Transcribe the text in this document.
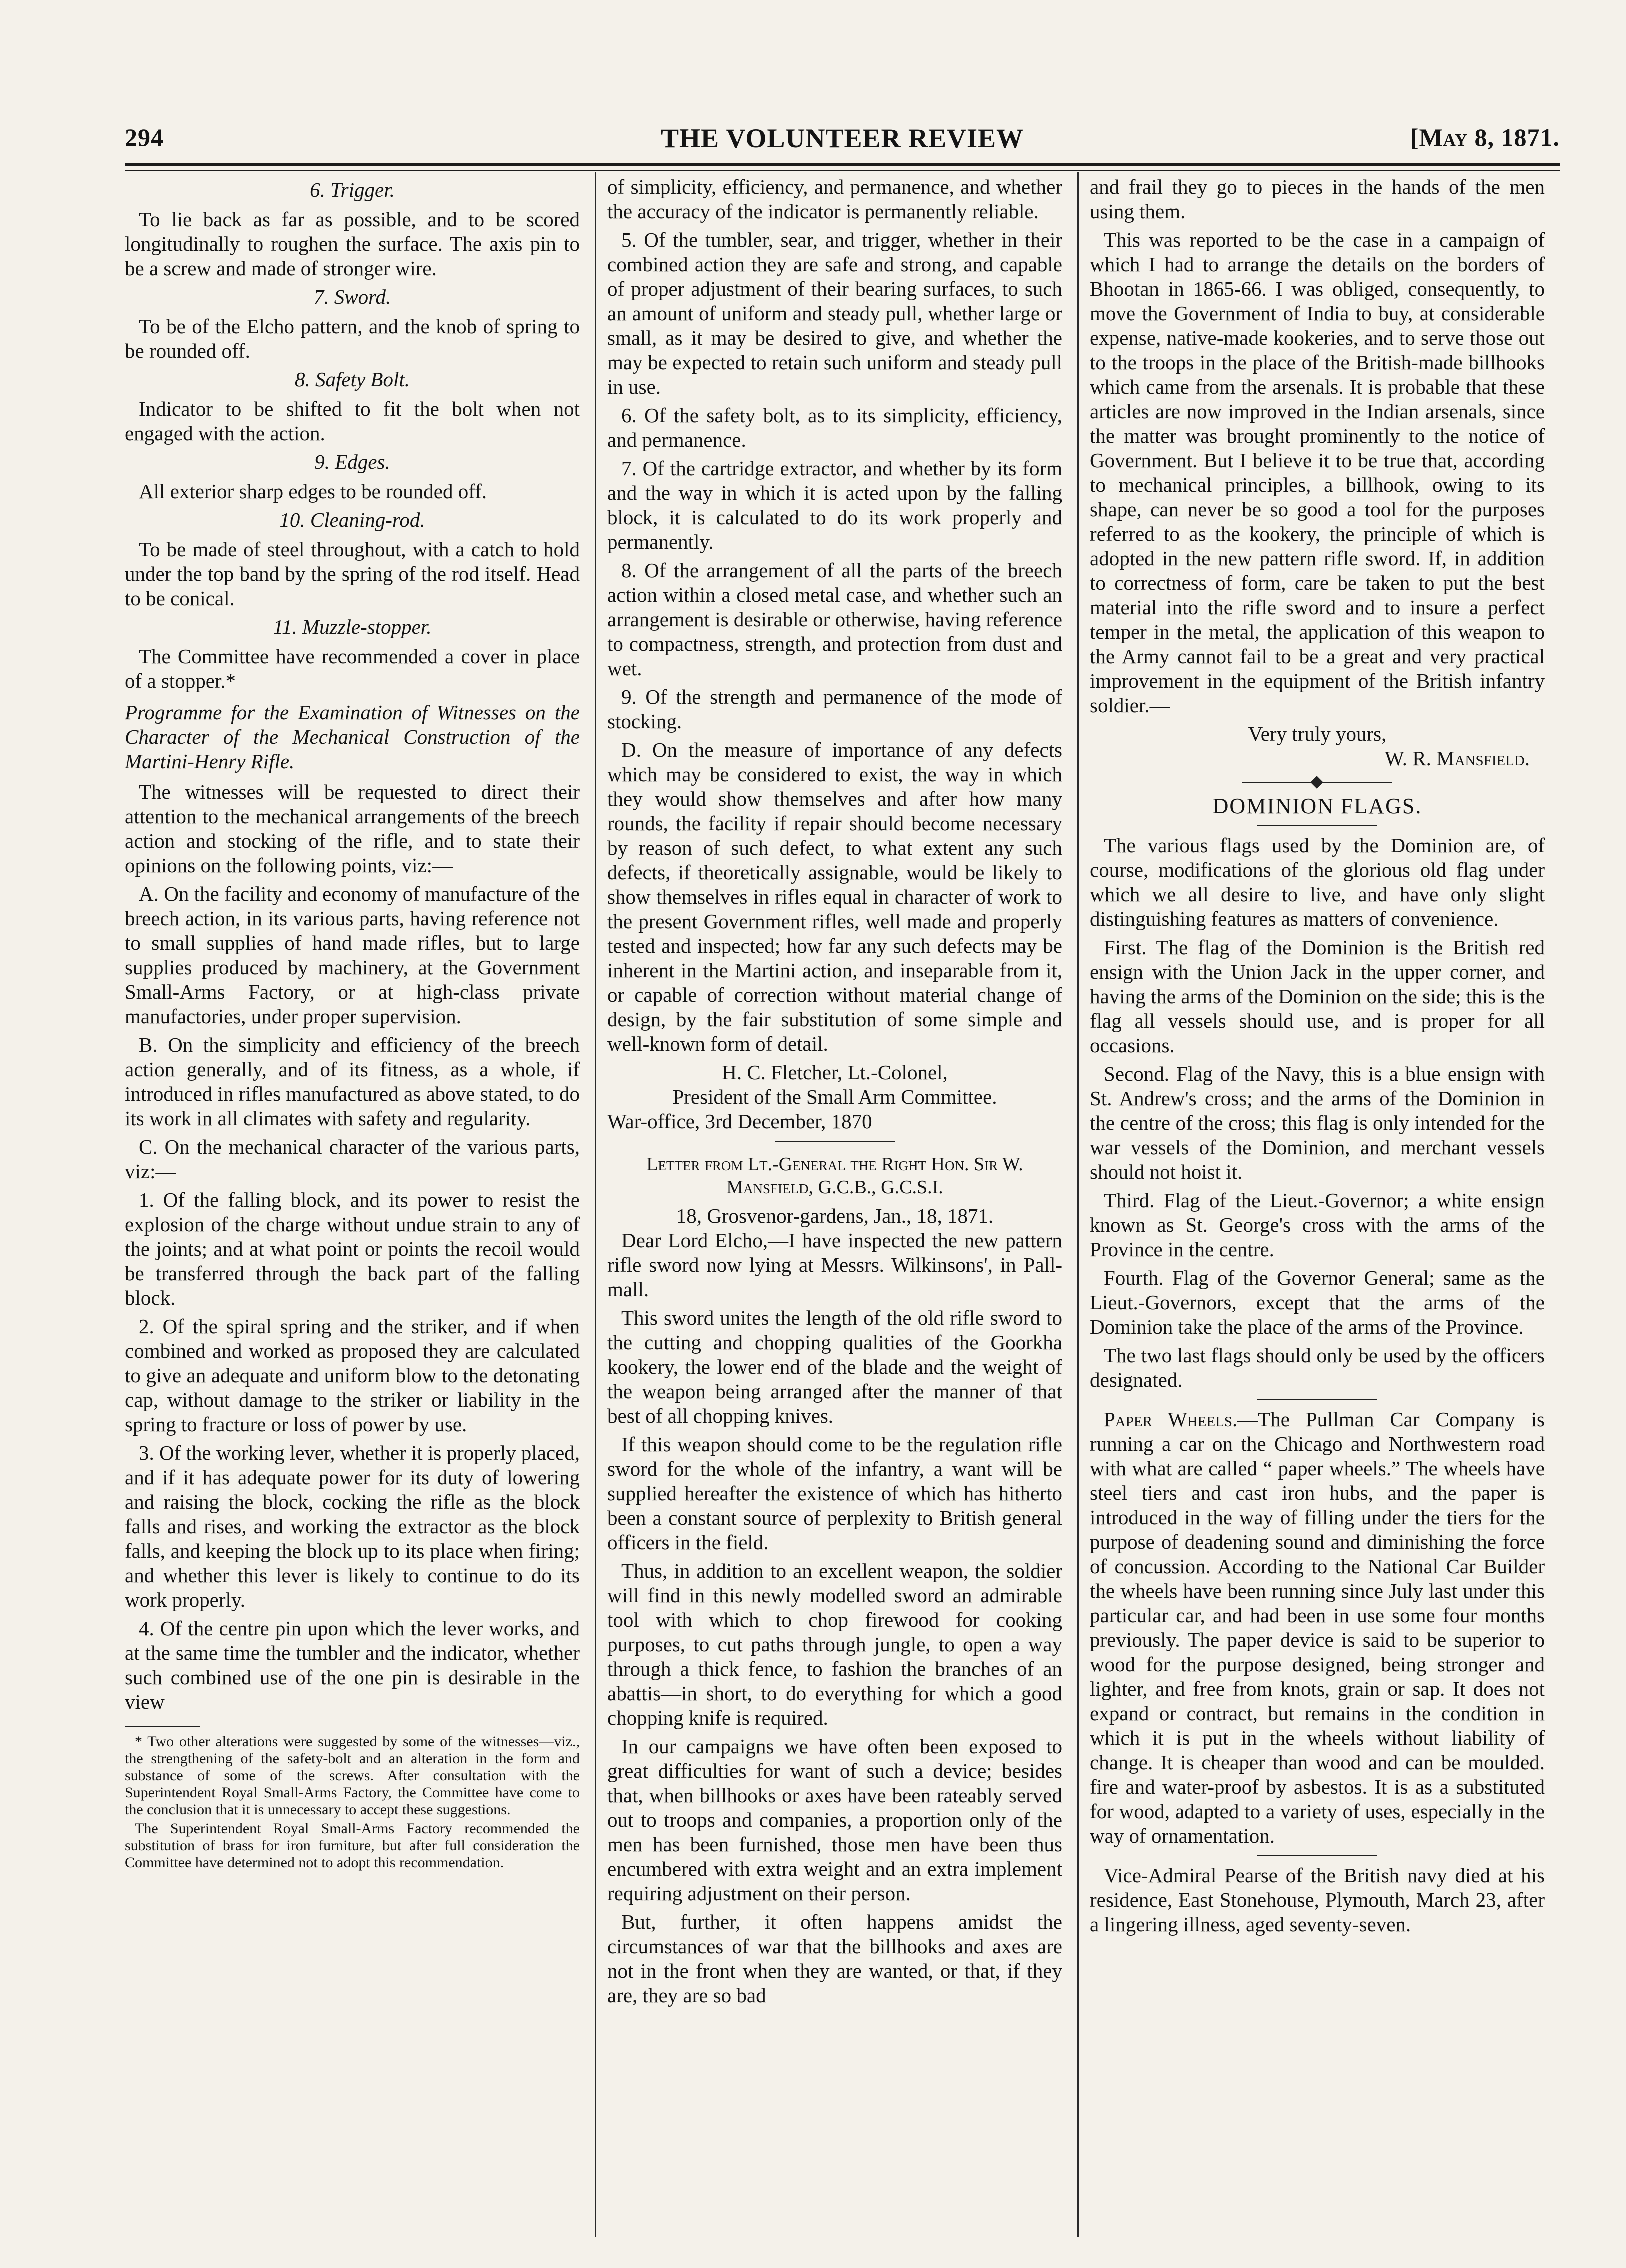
294	THE VOLUNTEER REVIEW	[May 8, 1871.

6. Trigger.

To lie back as far as possible, and to be scored longitudinally to roughen the surface. The axis pin to be a screw and made of stronger wire.

7. Sword.

To be of the Elcho pattern, and the knob of spring to be rounded off.

8. Safety Bolt.

Indicator to be shifted to fit the bolt when not engaged with the action.

9. Edges.

All exterior sharp edges to be rounded off.

10. Cleaning-rod.

To be made of steel throughout, with a catch to hold under the top band by the spring of the rod itself. Head to be conical.

11. Muzzle-stopper.

The Committee have recommended a cover in place of a stopper.*

Programme for the Examination of Witnesses on the Character of the Mechanical Construction of the Martini-Henry Rifle.

The witnesses will be requested to direct their attention to the mechanical arrangements of the breech action and stocking of the rifle, and to state their opinions on the following points, viz:—

A. On the facility and economy of manufacture of the breech action, in its various parts, having reference not to small supplies of hand made rifles, but to large supplies produced by machinery, at the Government Small-Arms Factory, or at high-class private manufactories, under proper supervision.

B. On the simplicity and efficiency of the breech action generally, and of its fitness, as a whole, if introduced in rifles manufactured as above stated, to do its work in all climates with safety and regularity.

C. On the mechanical character of the various parts, viz:—

1. Of the falling block, and its power to resist the explosion of the charge without undue strain to any of the joints; and at what point or points the recoil would be transferred through the back part of the falling block.

2. Of the spiral spring and the striker, and if when combined and worked as proposed they are calculated to give an adequate and uniform blow to the detonating cap, without damage to the striker or liability in the spring to fracture or loss of power by use.

3. Of the working lever, whether it is properly placed, and if it has adequate power for its duty of lowering and raising the block, cocking the rifle as the block falls and rises, and working the extractor as the block falls, and keeping the block up to its place when firing; and whether this lever is likely to continue to do its work properly.

4. Of the centre pin upon which the lever works, and at the same time the tumbler and the indicator, whether such combined use of the one pin is desirable in the view

* Two other alterations were suggested by some of the witnesses—viz., the strengthening of the safety-bolt and an alteration in the form and substance of some of the screws. After consultation with the Superintendent Royal Small-Arms Factory, the Committee have come to the conclusion that it is unnecessary to accept these suggestions.

The Superintendent Royal Small-Arms Factory recommended the substitution of brass for iron furniture, but after full consideration the Committee have determined not to adopt this recommendation.

of simplicity, efficiency, and permanence, and whether the accuracy of the indicator is permanently reliable.

5. Of the tumbler, sear, and trigger, whether in their combined action they are safe and strong, and capable of proper adjustment of their bearing surfaces, to such an amount of uniform and steady pull, whether large or small, as it may be desired to give, and whether the may be expected to retain such uniform and steady pull in use.

6. Of the safety bolt, as to its simplicity, efficiency, and permanence.

7. Of the cartridge extractor, and whether by its form and the way in which it is acted upon by the falling block, it is calculated to do its work properly and permanently.

8. Of the arrangement of all the parts of the breech action within a closed metal case, and whether such an arrangement is desirable or otherwise, having reference to compactness, strength, and protection from dust and wet.

9. Of the strength and permanence of the mode of stocking.

D. On the measure of importance of any defects which may be considered to exist, the way in which they would show themselves and after how many rounds, the facility if repair should become necessary by reason of such defect, to what extent any such defects, if theoretically assignable, would be likely to show themselves in rifles equal in character of work to the present Government rifles, well made and properly tested and inspected; how far any such defects may be inherent in the Martini action, and inseparable from it, or capable of correction without material change of design, by the fair substitution of some simple and well-known form of detail.

H. C. Fletcher, Lt.-Colonel,

President of the Small Arm Committee.

War-office, 3rd December, 1870

Letter from Lt.-General the Right Hon. Sir W. Mansfield, G.C.B., G.C.S.I.

18, Grosvenor-gardens, Jan., 18, 1871.

Dear Lord Elcho,—I have inspected the new pattern rifle sword now lying at Messrs. Wilkinsons', in Pall-mall.

This sword unites the length of the old rifle sword to the cutting and chopping qualities of the Goorkha kookery, the lower end of the blade and the weight of the weapon being arranged after the manner of that best of all chopping knives.

If this weapon should come to be the regulation rifle sword for the whole of the infantry, a want will be supplied hereafter the existence of which has hitherto been a constant source of perplexity to British general officers in the field.

Thus, in addition to an excellent weapon, the soldier will find in this newly modelled sword an admirable tool with which to chop firewood for cooking purposes, to cut paths through jungle, to open a way through a thick fence, to fashion the branches of an abattis—in short, to do everything for which a good chopping knife is required.

In our campaigns we have often been exposed to great difficulties for want of such a device; besides that, when billhooks or axes have been rateably served out to troops and companies, a proportion only of the men has been furnished, those men have been thus encumbered with extra weight and an extra implement requiring adjustment on their person.

But, further, it often happens amidst the circumstances of war that the billhooks and axes are not in the front when they are wanted, or that, if they are, they are so bad

and frail they go to pieces in the hands of the men using them.

This was reported to be the case in a campaign of which I had to arrange the details on the borders of Bhootan in 1865-66. I was obliged, consequently, to move the Government of India to buy, at considerable expense, native-made kookeries, and to serve those out to the troops in the place of the British-made billhooks which came from the arsenals. It is probable that these articles are now improved in the Indian arsenals, since the matter was brought prominently to the notice of Government. But I believe it to be true that, according to mechanical principles, a billhook, owing to its shape, can never be so good a tool for the purposes referred to as the kookery, the principle of which is adopted in the new pattern rifle sword. If, in addition to correctness of form, care be taken to put the best material into the rifle sword and to insure a perfect temper in the metal, the application of this weapon to the Army cannot fail to be a great and very practical improvement in the equipment of the British infantry soldier.—

Very truly yours,

W. R. Mansfield.

DOMINION FLAGS.

The various flags used by the Dominion are, of course, modifications of the glorious old flag under which we all desire to live, and have only slight distinguishing features as matters of convenience.

First. The flag of the Dominion is the British red ensign with the Union Jack in the upper corner, and having the arms of the Dominion on the side; this is the flag all vessels should use, and is proper for all occasions.

Second. Flag of the Navy, this is a blue ensign with St. Andrew's cross; and the arms of the Dominion in the centre of the cross; this flag is only intended for the war vessels of the Dominion, and merchant vessels should not hoist it.

Third. Flag of the Lieut.-Governor; a white ensign known as St. George's cross with the arms of the Province in the centre.

Fourth. Flag of the Governor General; same as the Lieut.-Governors, except that the arms of the Dominion take the place of the arms of the Province.

The two last flags should only be used by the officers designated.

Paper Wheels.—The Pullman Car Company is running a car on the Chicago and Northwestern road with what are called “ paper wheels.” The wheels have steel tiers and cast iron hubs, and the paper is introduced in the way of filling under the tiers for the purpose of deadening sound and diminishing the force of concussion. According to the National Car Builder the wheels have been running since July last under this particular car, and had been in use some four months previously. The paper device is said to be superior to wood for the purpose designed, being stronger and lighter, and free from knots, grain or sap. It does not expand or contract, but remains in the condition in which it is put in the wheels without liability of change. It is cheaper than wood and can be moulded. fire and water-proof by asbestos. It is as a substituted for wood, adapted to a variety of uses, especially in the way of ornamentation.

Vice-Admiral Pearse of the British navy died at his residence, East Stonehouse, Plymouth, March 23, after a lingering illness, aged seventy-seven.
